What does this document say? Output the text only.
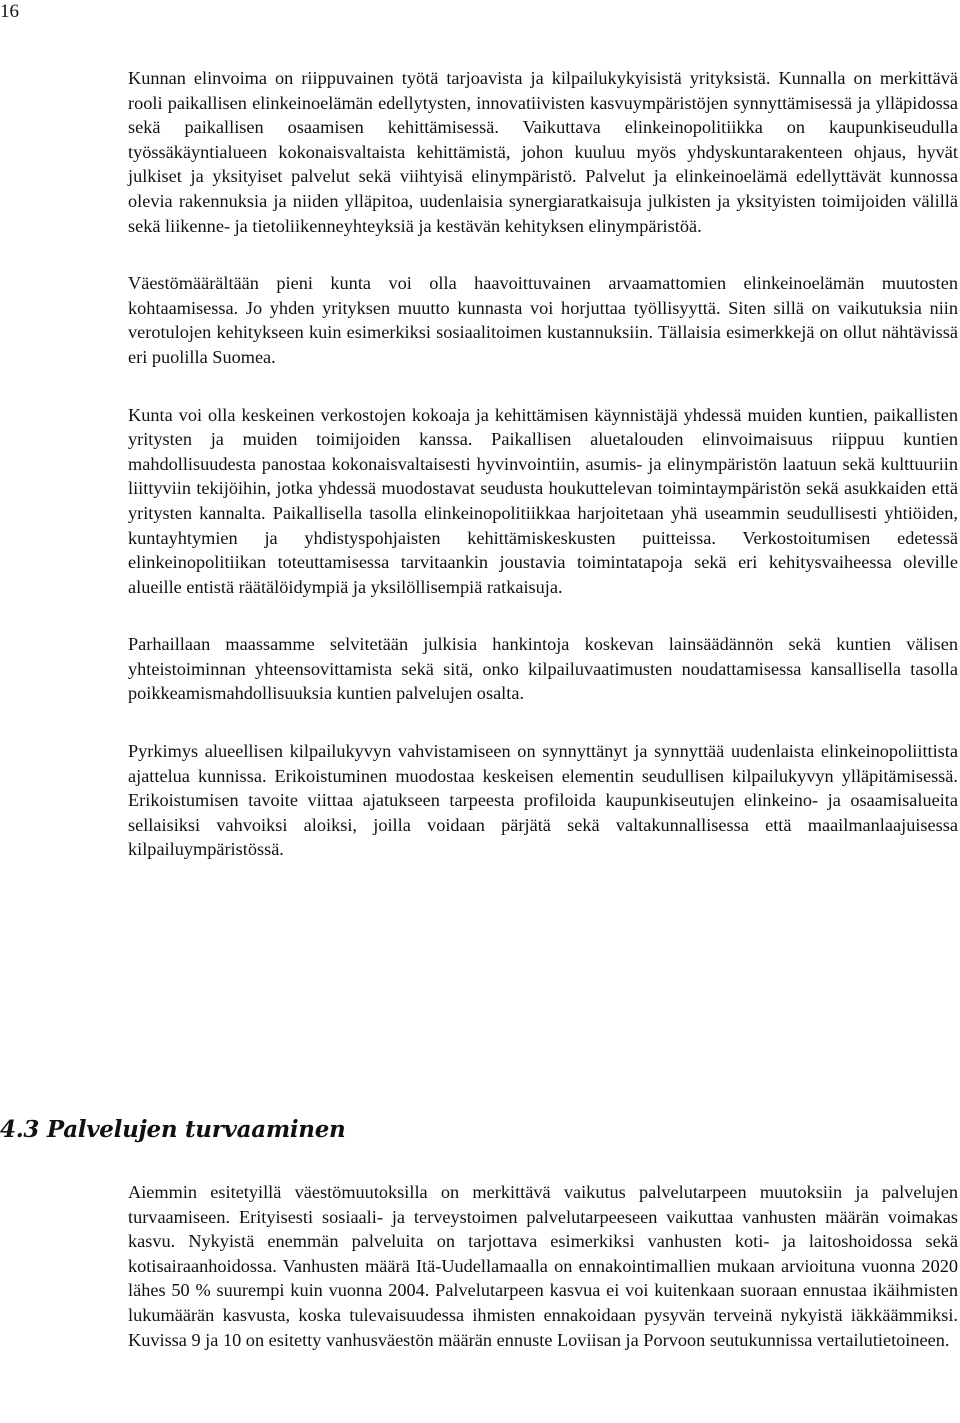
16

Kunnan elinvoima on riippuvainen työtä tarjoavista ja kilpailukykyisistä yrityksistä. Kunnalla on merkittävä rooli paikallisen elinkeinoelämän edellytysten, innovatiivisten kasvuympäristöjen synnyttämisessä ja ylläpidossa sekä paikallisen osaamisen kehittämisessä. Vaikuttava elinkeinopolitiikka on kaupunkiseudulla työssäkäyntialueen kokonaisvaltaista kehittämistä, johon kuuluu myös yhdyskuntarakenteen ohjaus, hyvät julkiset ja yksityiset palvelut sekä viihtyisä elinympäristö. Palvelut ja elinkeinoelämä edellyttävät kunnossa olevia rakennuksia ja niiden ylläpitoa, uudenlaisia synergiaratkaisuja julkisten ja yksityisten toimijoiden välillä sekä liikenne- ja tietoliikenneyhteyksiä ja kestävän kehityksen elinympäristöä.

Väestömäärältään pieni kunta voi olla haavoittuvainen arvaamattomien elinkeinoelämän muutosten kohtaamisessa. Jo yhden yrityksen muutto kunnasta voi horjuttaa työllisyyttä. Siten sillä on vaikutuksia niin verotulojen kehitykseen kuin esimerkiksi sosiaalitoimen kustannuksiin. Tällaisia esimerkkejä on ollut nähtävissä eri puolilla Suomea.

Kunta voi olla keskeinen verkostojen kokoaja ja kehittämisen käynnistäjä yhdessä muiden kuntien, paikallisten yritysten ja muiden toimijoiden kanssa. Paikallisen aluetalouden elinvoimaisuus riippuu kuntien mahdollisuudesta panostaa kokonaisvaltaisesti hyvinvointiin, asumis- ja elinympäristön laatuun sekä kulttuuriin liittyviin tekijöihin, jotka yhdessä muodostavat seudusta houkuttelevan toimintaympäristön sekä asukkaiden että yritysten kannalta. Paikallisella tasolla elinkeinopolitiikkaa harjoitetaan yhä useammin seudullisesti yhtiöiden, kuntayhtymien ja yhdistyspohjaisten kehittämiskeskusten puitteissa. Verkostoitumisen edetessä elinkeinopolitiikan toteuttamisessa tarvitaankin joustavia toimintatapoja sekä eri kehitysvaiheessa oleville alueille entistä räätälöidympiä ja yksilöllisempiä ratkaisuja.

Parhaillaan maassamme selvitetään julkisia hankintoja koskevan lainsäädännön sekä kuntien välisen yhteistoiminnan yhteensovittamista sekä sitä, onko kilpailuvaatimusten noudattamisessa kansallisella tasolla poikkeamismahdollisuuksia kuntien palvelujen osalta.

Pyrkimys alueellisen kilpailukyvyn vahvistamiseen on synnyttänyt ja synnyttää uudenlaista elinkeinopoliittista ajattelua kunnissa. Erikoistuminen muodostaa keskeisen elementin seudullisen kilpailukyvyn ylläpitämisessä. Erikoistumisen tavoite viittaa ajatukseen tarpeesta profiloida kaupunkiseutujen elinkeino- ja osaamisalueita sellaisiksi vahvoiksi aloiksi, joilla voidaan pärjätä sekä valtakunnallisessa että maailmanlaajuisessa kilpailuympäristössä.

4.3 Palvelujen turvaaminen

Aiemmin esitetyillä väestömuutoksilla on merkittävä vaikutus palvelutarpeen muutoksiin ja palvelujen turvaamiseen. Erityisesti sosiaali- ja terveystoimen palvelutarpeeseen vaikuttaa vanhusten määrän voimakas kasvu. Nykyistä enemmän palveluita on tarjottava esimerkiksi vanhusten koti- ja laitoshoidossa sekä kotisairaanhoidossa. Vanhusten määrä Itä-Uudellamaalla on ennakointimallien mukaan arvioituna vuonna 2020 lähes 50 % suurempi kuin vuonna 2004. Palvelutarpeen kasvua ei voi kuitenkaan suoraan ennustaa ikäihmisten lukumäärän kasvusta, koska tulevaisuudessa ihmisten ennakoidaan pysyvän terveinä nykyistä iäkkäämmiksi. Kuvissa 9 ja 10 on esitetty vanhusväestön määrän ennuste Loviisan ja Porvoon seutukunnissa vertailutietoineen.
